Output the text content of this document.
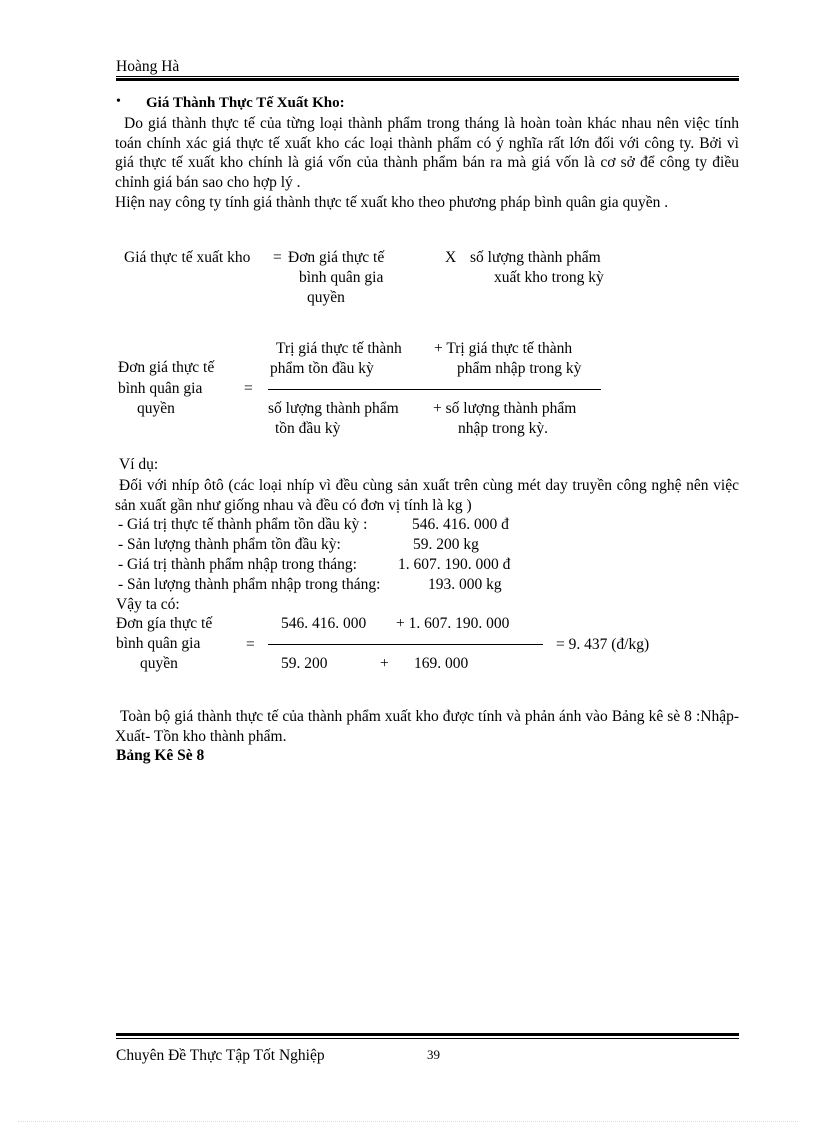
Hoàng Hà
• Giá Thành Thực Tế Xuất Kho:
Do giá thành thực tế của từng loại thành phẩm trong tháng là hoàn toàn khác nhau nên việc tính toán chính xác giá thực tế xuất kho các loại thành phẩm có ý nghĩa rất lớn đối với công ty. Bởi vì giá thực tế xuất kho chính là giá vốn của thành phẩm bán ra mà giá vốn là cơ sở để công ty điều chỉnh giá bán sao cho hợp lý .
Hiện nay công ty tính giá thành thực tế xuất kho theo phương pháp bình quân gia quyền .
Giá thực tế xuất kho = Đơn giá thực tế
bình quân gia
quyền
X số lượng thành phẩm
xuất kho trong kỳ
Trị giá thực tế thành
phẩm tồn đầu kỳ
+ Trị giá thực tế thành
phẩm nhập trong kỳ
Đơn giá thực tế
bình quân gia
quyền
=
số lượng thành phẩm
tồn đầu kỳ
+ số lượng thành phẩm
nhập trong kỳ.
Ví dụ:
Đối với nhíp ôtô (các loại nhíp vì đều cùng sản xuất trên cùng mét day truyền công nghệ nên việc sản xuất gần như giống nhau và đều có đơn vị tính là kg )
- Giá trị thực tế thành phẩm tồn dầu kỳ :	546. 416. 000 đ
- Sản lượng thành phẩm tồn đầu kỳ:	59. 200 kg
- Giá trị thành phẩm nhập trong tháng:	1. 607. 190. 000 đ
- Sản lượng thành phẩm nhập trong tháng:	193. 000 kg
Vậy ta có:
Đơn gía thực tế
bình quân gia
quyền
=
546. 416. 000 + 1. 607. 190. 000
= 9. 437 (đ/kg)
59. 200	+ 169. 000
Toàn bộ giá thành thực tế của thành phẩm xuất kho được tính và phản ánh vào Bảng kê sè 8 :Nhập- Xuất- Tồn kho thành phẩm.
Bảng Kê Sè 8
Chuyên Đề Thực Tập Tốt Nghiệp	39
